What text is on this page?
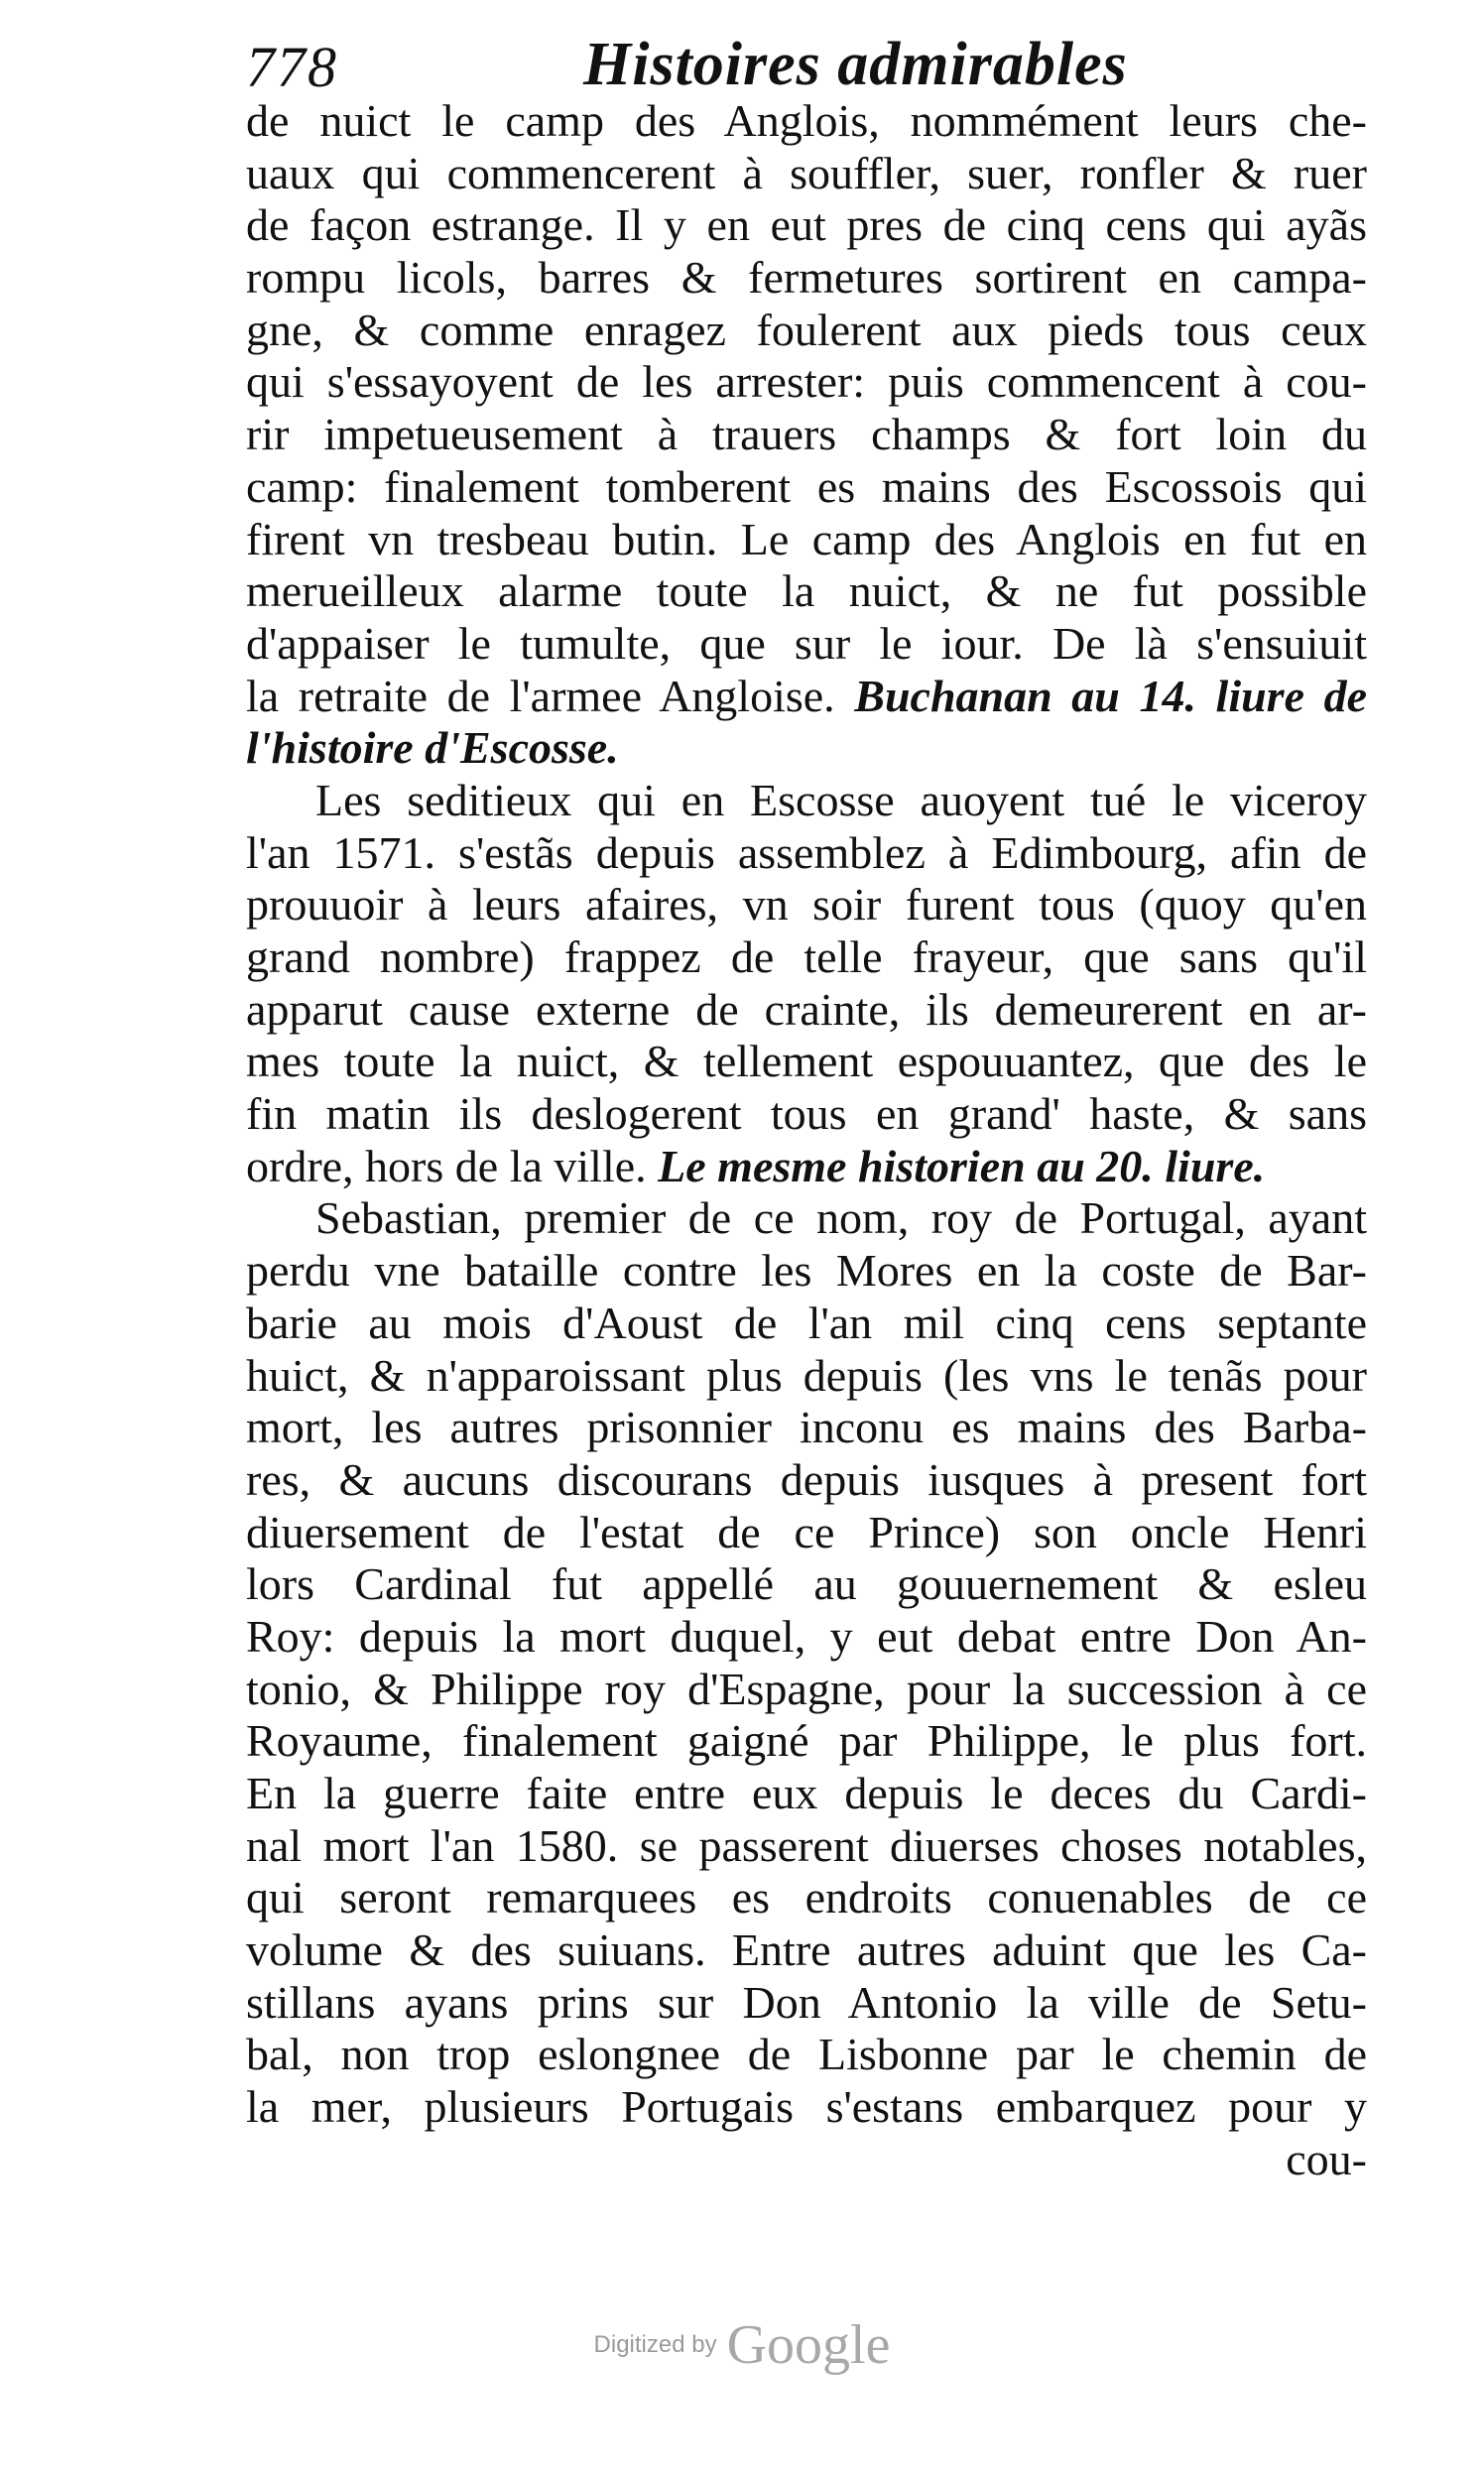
778	Histoires admirables
de nuict le camp des Anglois, nommément leurs che-
uaux qui commencerent à souffler, suer, ronfler & ruer
de façon estrange. Il y en eut pres de cinq cens qui ayãs
rompu licols, barres & fermetures sortirent en campa-
gne, & comme enragez foulerent aux pieds tous ceux
qui s'essayoyent de les arrester: puis commencent à cou-
rir impetueusement à trauers champs & fort loin du
camp: finalement tomberent es mains des Escossois qui
firent vn tresbeau butin. Le camp des Anglois en fut en
merueilleux alarme toute la nuict, & ne fut possible
d'appaiser le tumulte, que sur le iour. De là s'ensuiuit
la retraite de l'armee Angloise. Buchanan au 14. liure de
l'histoire d'Escosse.
Les seditieux qui en Escosse auoyent tué le viceroy
l'an 1571. s'estãs depuis assemblez à Edimbourg, afin de
prouuoir à leurs afaires, vn soir furent tous (quoy qu'en
grand nombre) frappez de telle frayeur, que sans qu'il
apparut cause externe de crainte, ils demeurerent en ar-
mes toute la nuict, & tellement espouuantez, que des le
fin matin ils deslogerent tous en grand' haste, & sans
ordre, hors de la ville. Le mesme historien au 20. liure.
Sebastian, premier de ce nom, roy de Portugal, ayant
perdu vne bataille contre les Mores en la coste de Bar-
barie au mois d'Aoust de l'an mil cinq cens septante
huict, & n'apparoissant plus depuis (les vns le tenãs pour
mort, les autres prisonnier inconu es mains des Barba-
res, & aucuns discourans depuis iusques à present fort
diuersement de l'estat de ce Prince) son oncle Henri
lors Cardinal fut appellé au gouuernement & esleu
Roy: depuis la mort duquel, y eut debat entre Don An-
tonio, & Philippe roy d'Espagne, pour la succession à ce
Royaume, finalement gaigné par Philippe, le plus fort.
En la guerre faite entre eux depuis le deces du Cardi-
nal mort l'an 1580. se passerent diuerses choses notables,
qui seront remarquees es endroits conuenables de ce
volume & des suiuans. Entre autres aduint que les Ca-
stillans ayans prins sur Don Antonio la ville de Setu-
bal, non trop eslongnee de Lisbonne par le chemin de
la mer, plusieurs Portugais s'estans embarquez pour y
cou-
Digitized by Google
